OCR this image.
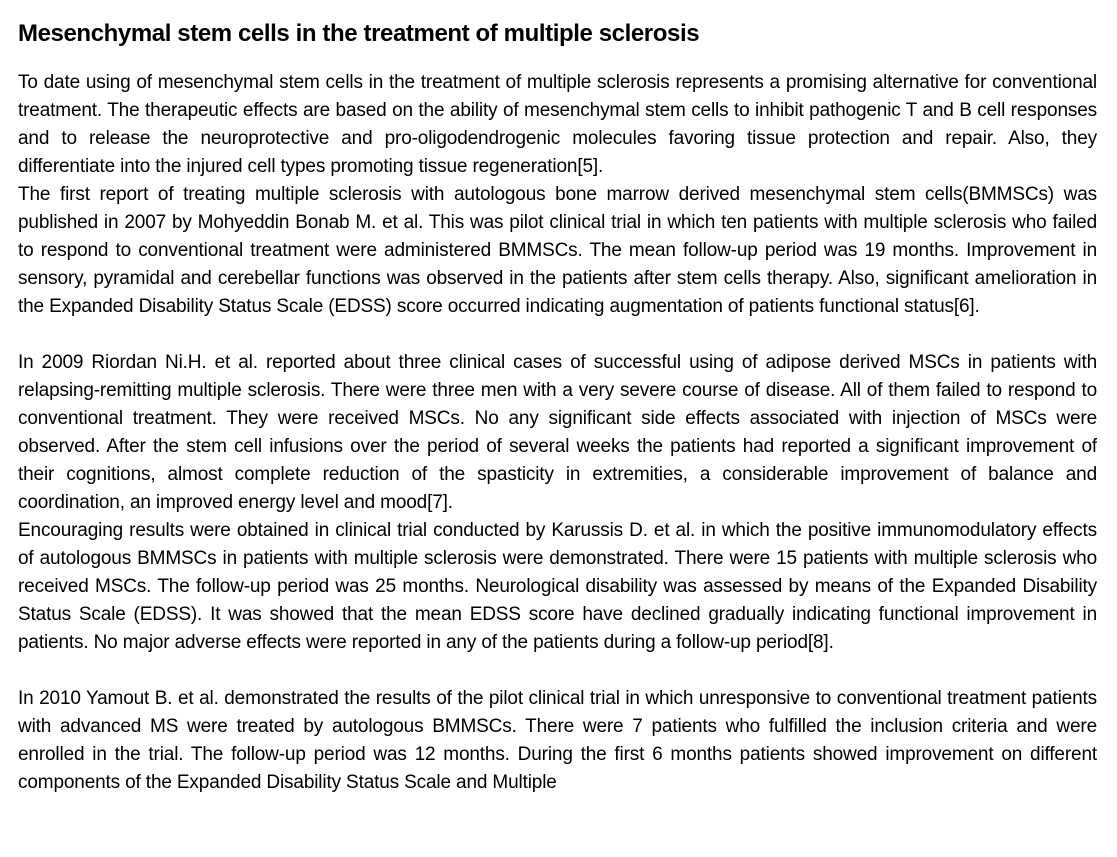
Mesenchymal stem cells in the treatment of multiple sclerosis

To date using of mesenchymal stem cells in the treatment of multiple sclerosis represents a promising alternative for conventional treatment. The therapeutic effects are based on the ability of mesenchymal stem cells to inhibit pathogenic T and B cell responses and to release the neuroprotective and pro-oligodendrogenic molecules favoring tissue protection and repair. Also, they differentiate into the injured cell types promoting tissue regeneration[5].

The first report of treating multiple sclerosis with autologous bone marrow derived mesenchymal stem cells(BMMSCs) was published in 2007 by Mohyeddin Bonab M. et al. This was pilot clinical trial in which ten patients with multiple sclerosis who failed to respond to conventional treatment were administered BMMSCs. The mean follow-up period was 19 months. Improvement in sensory, pyramidal and cerebellar functions was observed in the patients after stem cells therapy. Also, significant amelioration in the Expanded Disability Status Scale (EDSS) score occurred indicating augmentation of patients functional status[6].

In 2009 Riordan Ni.H. et al. reported about three clinical cases of successful using of adipose derived MSCs in patients with relapsing-remitting multiple sclerosis. There were three men with a very severe course of disease. All of them failed to respond to conventional treatment. They were received MSCs. No any significant side effects associated with injection of MSCs were observed. After the stem cell infusions over the period of several weeks the patients had reported a significant improvement of their cognitions, almost complete reduction of the spasticity in extremities, a considerable improvement of balance and coordination, an improved energy level and mood[7].

Encouraging results were obtained in clinical trial conducted by Karussis D. et al. in which the positive immunomodulatory effects of autologous BMMSCs in patients with multiple sclerosis were demonstrated. There were 15 patients with multiple sclerosis who received MSCs. The follow-up period was 25 months. Neurological disability was assessed by means of the Expanded Disability Status Scale (EDSS). It was showed that the mean EDSS score have declined gradually indicating functional improvement in patients. No major adverse effects were reported in any of the patients during a follow-up period[8].

In 2010 Yamout B. et al. demonstrated the results of the pilot clinical trial in which unresponsive to conventional treatment patients with advanced MS were treated by autologous BMMSCs. There were 7 patients who fulfilled the inclusion criteria and were enrolled in the trial. The follow-up period was 12 months. During the first 6 months patients showed improvement on different components of the Expanded Disability Status Scale and Multiple
